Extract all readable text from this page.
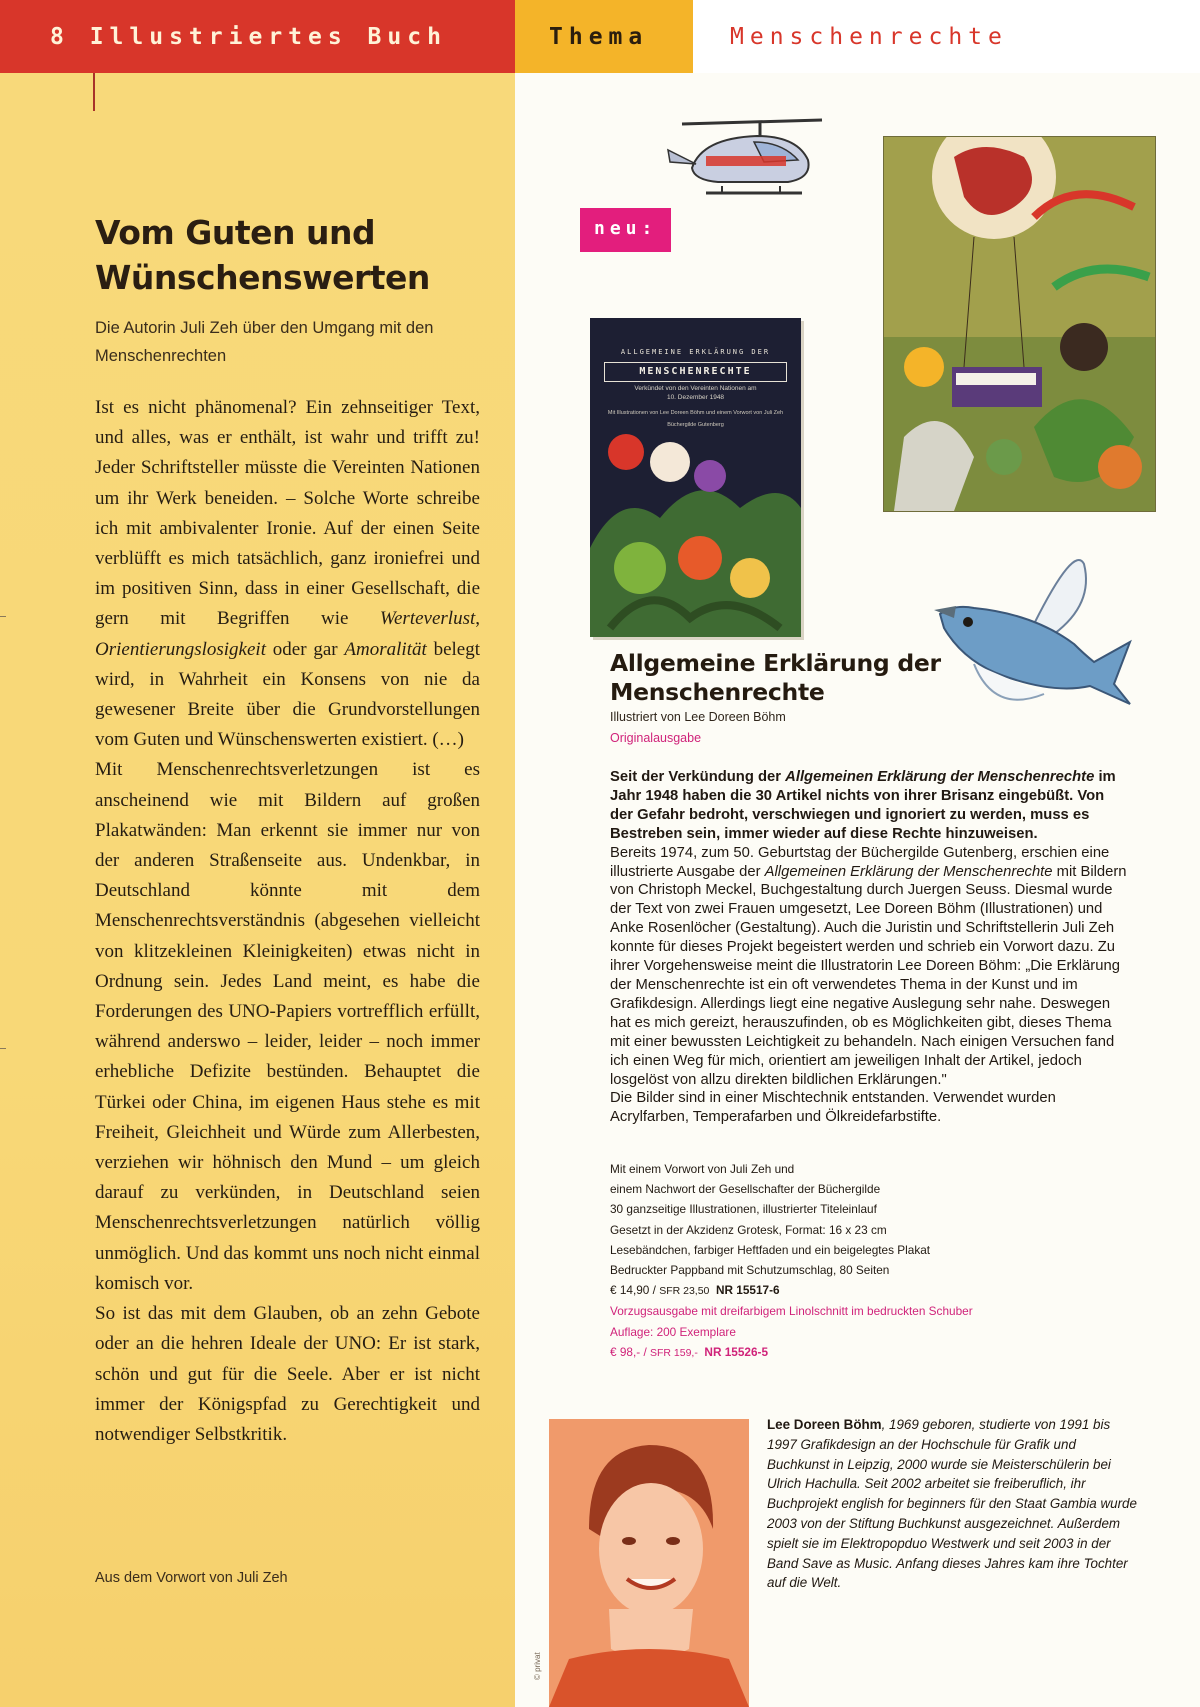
8 Illustriertes Buch	Thema	Menschenrechte
Vom Guten und Wünschenswerten
Die Autorin Juli Zeh über den Umgang mit den Menschenrechten

Ist es nicht phänomenal? Ein zehnseitiger Text, und alles, was er enthält, ist wahr und trifft zu! Jeder Schriftsteller müsste die Vereinten Nationen um ihr Werk beneiden. – Solche Worte schreibe ich mit ambivalenter Ironie. Auf der einen Seite verblüfft es mich tatsächlich, ganz ironiefrei und im positiven Sinn, dass in einer Gesellschaft, die gern mit Begriffen wie Werteverlust, Orientierungslosigkeit oder gar Amoralität belegt wird, in Wahrheit ein Konsens von nie da gewesener Breite über die Grundvorstellungen vom Guten und Wünschenswerten existiert. (…)

Mit Menschenrechtsverletzungen ist es anscheinend wie mit Bildern auf großen Plakatwänden: Man erkennt sie immer nur von der anderen Straßenseite aus. Undenkbar, in Deutschland könnte mit dem Menschenrechtsverständnis (abgesehen vielleicht von klitzekleinen Kleinigkeiten) etwas nicht in Ordnung sein. Jedes Land meint, es habe die Forderungen des UNO-Papiers vortrefflich erfüllt, während anderswo – leider, leider – noch immer erhebliche Defizite bestünden. Behauptet die Türkei oder China, im eigenen Haus stehe es mit Freiheit, Gleichheit und Würde zum Allerbesten, verziehen wir höhnisch den Mund – um gleich darauf zu verkünden, in Deutschland seien Menschenrechtsverletzungen natürlich völlig unmöglich. Und das kommt uns noch nicht einmal komisch vor.

So ist das mit dem Glauben, ob an zehn Gebote oder an die hehren Ideale der UNO: Er ist stark, schön und gut für die Seele. Aber er ist nicht immer der Königspfad zu Gerechtigkeit und notwendiger Selbstkritik.

Aus dem Vorwort von Juli Zeh
neu:
ALLGEMEINE ERKLÄRUNG DER
MENSCHENRECHTE
Verkündet von den Vereinten Nationen am
10. Dezember 1948
Mit Illustrationen von Lee Doreen Böhm und einem Vorwort von Juli Zeh
Büchergilde Gutenberg
Allgemeine Erklärung der Menschenrechte
Illustriert von Lee Doreen Böhm
Originalausgabe

Seit der Verkündung der Allgemeinen Erklärung der Menschenrechte im Jahr 1948 haben die 30 Artikel nichts von ihrer Brisanz eingebüßt. Von der Gefahr bedroht, verschwiegen und ignoriert zu werden, muss es Bestreben sein, immer wieder auf diese Rechte hinzuweisen.

Bereits 1974, zum 50. Geburtstag der Büchergilde Gutenberg, erschien eine illustrierte Ausgabe der Allgemeinen Erklärung der Menschenrechte mit Bildern von Christoph Meckel, Buchgestaltung durch Juergen Seuss. Diesmal wurde der Text von zwei Frauen umgesetzt, Lee Doreen Böhm (Illustrationen) und Anke Rosenlöcher (Gestaltung). Auch die Juristin und Schriftstellerin Juli Zeh konnte für dieses Projekt begeistert werden und schrieb ein Vorwort dazu. Zu ihrer Vorgehensweise meint die Illustratorin Lee Doreen Böhm: „Die Erklärung der Menschenrechte ist ein oft verwendetes Thema in der Kunst und im Grafikdesign. Allerdings liegt eine negative Auslegung sehr nahe. Deswegen hat es mich gereizt, herauszufinden, ob es Möglichkeiten gibt, dieses Thema mit einer bewussten Leichtigkeit zu behandeln. Nach einigen Versuchen fand ich einen Weg für mich, orientiert am jeweiligen Inhalt der Artikel, jedoch losgelöst von allzu direkten bildlichen Erklärungen."

Die Bilder sind in einer Mischtechnik entstanden. Verwendet wurden Acrylfarben, Temperafarben und Ölkreidefarbstifte.

Mit einem Vorwort von Juli Zeh und
einem Nachwort der Gesellschafter der Büchergilde
30 ganzseitige Illustrationen, illustrierter Titeleinlauf
Gesetzt in der Akzidenz Grotesk, Format: 16 x 23 cm
Lesebändchen, farbiger Heftfaden und ein beigelegtes Plakat
Bedruckter Pappband mit Schutzumschlag, 80 Seiten
€ 14,90 / SFR 23,50 NR 15517-6
Vorzugsausgabe mit dreifarbigem Linolschnitt im bedruckten Schuber
Auflage: 200 Exemplare
€ 98,- / SFR 159,- NR 15526-5
© privat
Lee Doreen Böhm, 1969 geboren, studierte von 1991 bis 1997 Grafikdesign an der Hochschule für Grafik und Buchkunst in Leipzig, 2000 wurde sie Meisterschülerin bei Ulrich Hachulla. Seit 2002 arbeitet sie freiberuflich, ihr Buchprojekt english for beginners für den Staat Gambia wurde 2003 von der Stiftung Buchkunst ausgezeichnet. Außerdem spielt sie im Elektropopduo Westwerk und seit 2003 in der Band Save as Music. Anfang dieses Jahres kam ihre Tochter auf die Welt.
